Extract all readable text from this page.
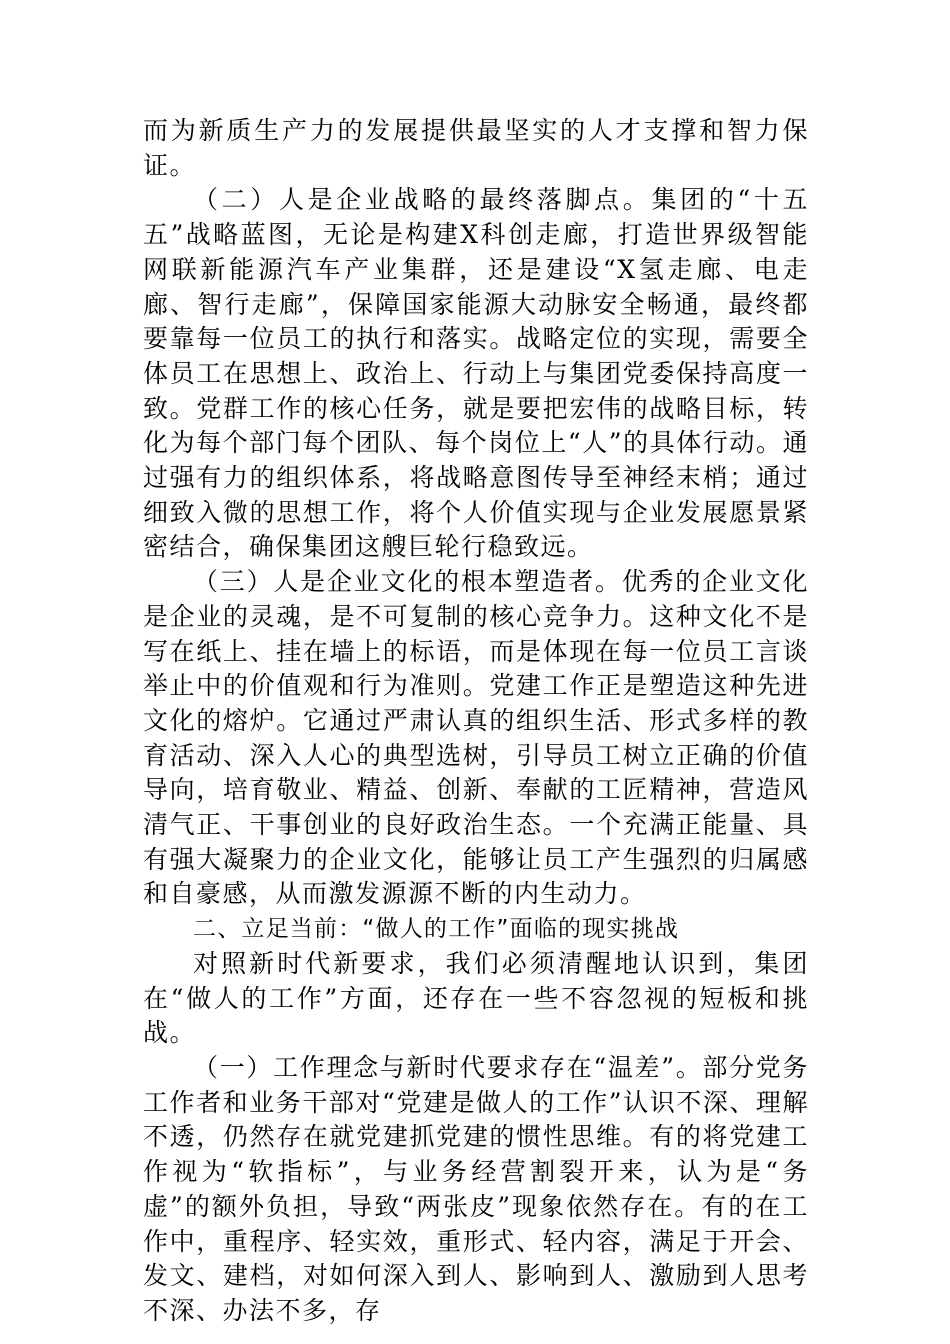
而为新质生产力的发展提供最坚实的人才支撑和智力保证。

（二）人是企业战略的最终落脚点。集团的“十五五”战略蓝图，无论是构建X科创走廊，打造世界级智能网联新能源汽车产业集群，还是建设“X氢走廊、电走廊、智行走廊”，保障国家能源大动脉安全畅通，最终都要靠每一位员工的执行和落实。战略定位的实现，需要全体员工在思想上、政治上、行动上与集团党委保持高度一致。党群工作的核心任务，就是要把宏伟的战略目标，转化为每个部门每个团队、每个岗位上“人”的具体行动。通过强有力的组织体系，将战略意图传导至神经末梢；通过细致入微的思想工作，将个人价值实现与企业发展愿景紧密结合，确保集团这艘巨轮行稳致远。

（三）人是企业文化的根本塑造者。优秀的企业文化是企业的灵魂，是不可复制的核心竞争力。这种文化不是写在纸上、挂在墙上的标语，而是体现在每一位员工言谈举止中的价值观和行为准则。党建工作正是塑造这种先进文化的熔炉。它通过严肃认真的组织生活、形式多样的教育活动、深入人心的典型选树，引导员工树立正确的价值导向，培育敬业、精益、创新、奉献的工匠精神，营造风清气正、干事创业的良好政治生态。一个充满正能量、具有强大凝聚力的企业文化，能够让员工产生强烈的归属感和自豪感，从而激发源源不断的内生动力。

二、立足当前：“做人的工作”面临的现实挑战

对照新时代新要求，我们必须清醒地认识到，集团在“做人的工作”方面，还存在一些不容忽视的短板和挑战。

（一）工作理念与新时代要求存在“温差”。部分党务工作者和业务干部对“党建是做人的工作”认识不深、理解不透，仍然存在就党建抓党建的惯性思维。有的将党建工作视为“软指标”，与业务经营割裂开来，认为是“务虚”的额外负担，导致“两张皮”现象依然存在。有的在工作中，重程序、轻实效，重形式、轻内容，满足于开会、发文、建档，对如何深入到人、影响到人、激励到人思考不深、办法不多，存
